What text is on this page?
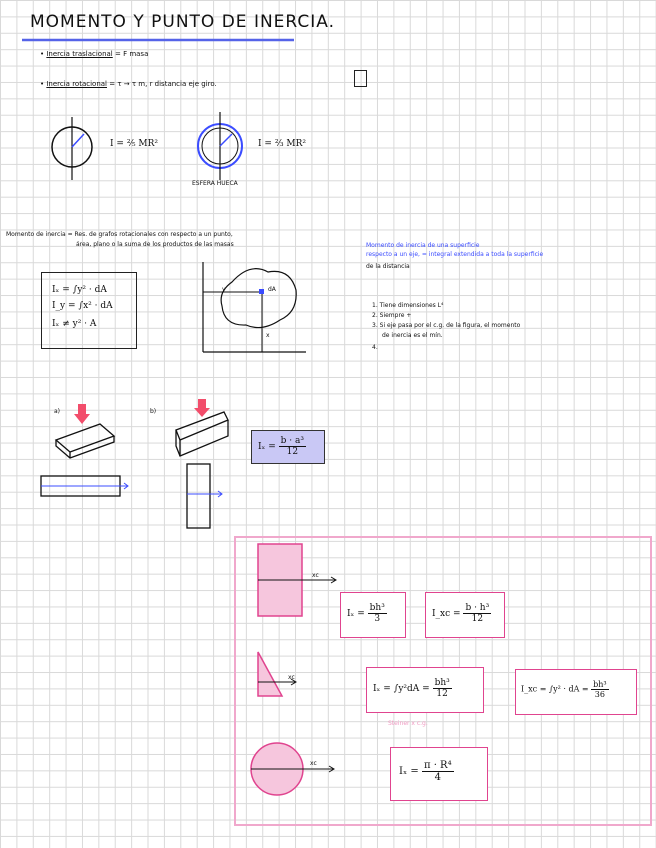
MOMENTO Y PUNTO DE INERCIA.
• Inercia traslacional = F masa
• Inercia rotacional = τ → τ m, r distancia eje giro.
I = ⅖ MR²	I = ⅔ MR²
ESFERA HUECA
Momento de inercia = Res. de grafos rotacionales con respecto a un punto,
área, plano o la suma de los productos de las masas
Iₓ = ∫y² · dA
I_y = ∫x² · dA
Iₓ ≠ y² · A
dA
y
x
Momento de inercia de una superficie
respecto a un eje, = integral extendida a toda la superficie
de la distancia
1. Tiene dimensiones L⁴
2. Siempre +
3. Si eje pasa por el c.g. de la figura, el momento
de inercia es el mín.
4.
a)	b)
$I_x = \frac{\text{b · a³}}{12}$
xc
xc
xc
$I_x = \frac{\text{bh³}}{3}$	I_xc = $\frac{\text{b · h³}}{12}$
$I_x = \int y^2dA = \frac{\text{bh³}}{12}$	I_xc = ∫y² · dA = $\frac{\text{bh³}}{36}$
Steiner x c.g.
$I_x = \frac{\text{π · R⁴}}{4}$
